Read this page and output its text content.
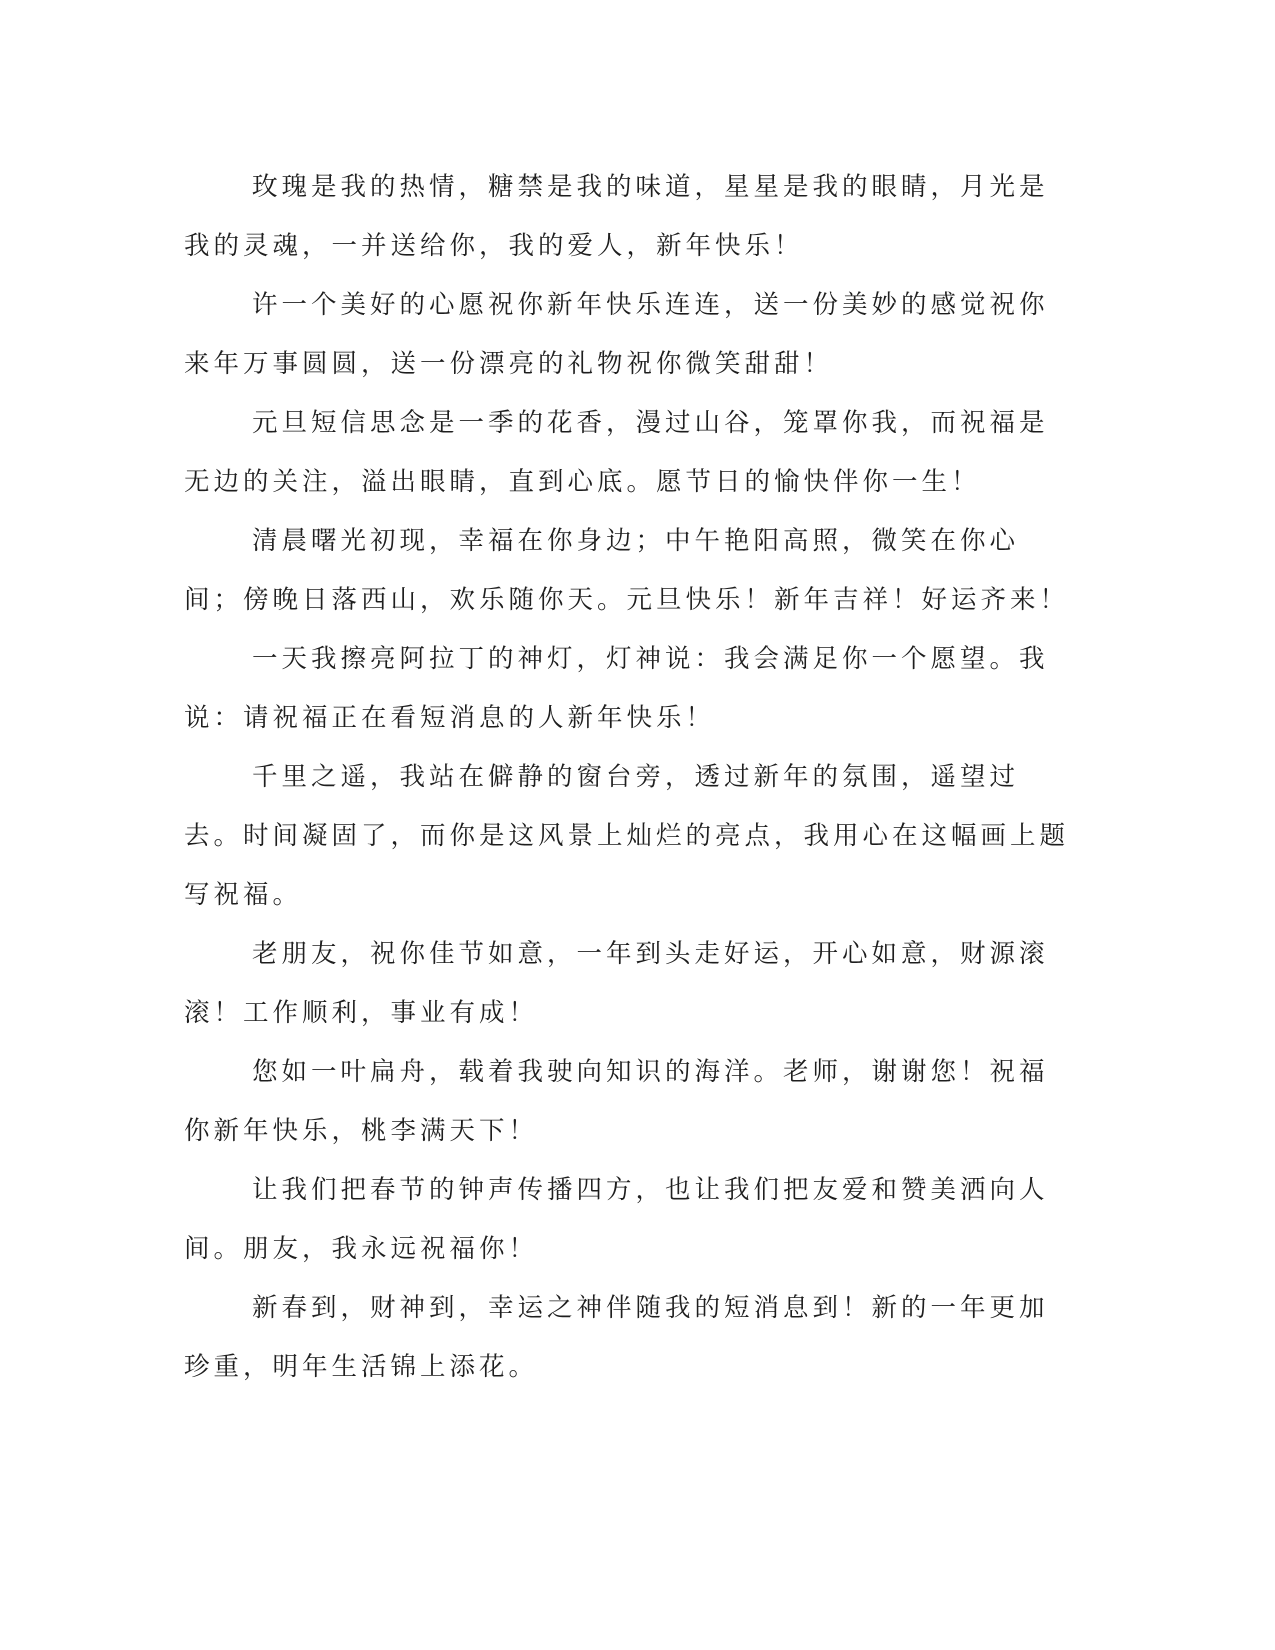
玫瑰是我的热情，糖禁是我的味道，星星是我的眼睛，月光是我的灵魂，一并送给你，我的爱人，新年快乐！

许一个美好的心愿祝你新年快乐连连，送一份美妙的感觉祝你来年万事圆圆，送一份漂亮的礼物祝你微笑甜甜！

元旦短信思念是一季的花香，漫过山谷，笼罩你我，而祝福是无边的关注，溢出眼睛，直到心底。愿节日的愉快伴你一生！

清晨曙光初现，幸福在你身边；中午艳阳高照，微笑在你心间；傍晚日落西山，欢乐随你天。元旦快乐！新年吉祥！好运齐来！

一天我擦亮阿拉丁的神灯，灯神说：我会满足你一个愿望。我说：请祝福正在看短消息的人新年快乐！

千里之遥，我站在僻静的窗台旁，透过新年的氛围，遥望过去。时间凝固了，而你是这风景上灿烂的亮点，我用心在这幅画上题写祝福。

老朋友，祝你佳节如意，一年到头走好运，开心如意，财源滚滚！工作顺利，事业有成！

您如一叶扁舟，载着我驶向知识的海洋。老师，谢谢您！祝福你新年快乐，桃李满天下！

让我们把春节的钟声传播四方，也让我们把友爱和赞美洒向人间。朋友，我永远祝福你！

新春到，财神到，幸运之神伴随我的短消息到！新的一年更加珍重，明年生活锦上添花。
